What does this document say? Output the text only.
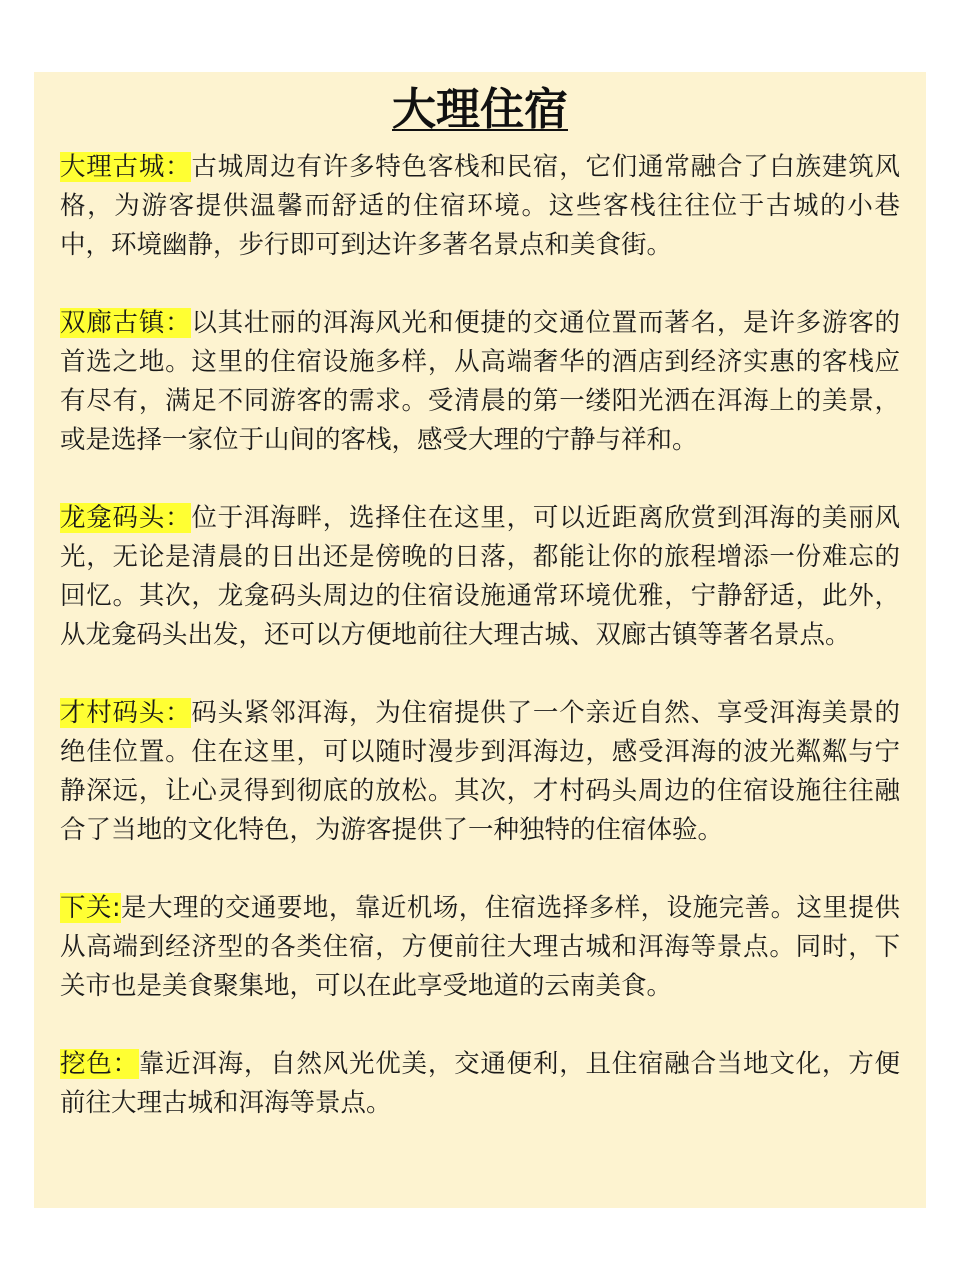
大理住宿

大理古城：古城周边有许多特色客栈和民宿，它们通常融合了白族建筑风格，为游客提供温馨而舒适的住宿环境。这些客栈往往位于古城的小巷中，环境幽静，步行即可到达许多著名景点和美食街。

双廊古镇：以其壮丽的洱海风光和便捷的交通位置而著名，是许多游客的首选之地。这里的住宿设施多样，从高端奢华的酒店到经济实惠的客栈应有尽有，满足不同游客的需求。受清晨的第一缕阳光洒在洱海上的美景，或是选择一家位于山间的客栈，感受大理的宁静与祥和。

龙龛码头：位于洱海畔，选择住在这里，可以近距离欣赏到洱海的美丽风光，无论是清晨的日出还是傍晚的日落，都能让你的旅程增添一份难忘的回忆。其次，龙龛码头周边的住宿设施通常环境优雅，宁静舒适，此外，从龙龛码头出发，还可以方便地前往大理古城、双廊古镇等著名景点。

才村码头：码头紧邻洱海，为住宿提供了一个亲近自然、享受洱海美景的绝佳位置。住在这里，可以随时漫步到洱海边，感受洱海的波光粼粼与宁静深远，让心灵得到彻底的放松。其次，才村码头周边的住宿设施往往融合了当地的文化特色，为游客提供了一种独特的住宿体验。

下关:是大理的交通要地，靠近机场，住宿选择多样，设施完善。这里提供从高端到经济型的各类住宿，方便前往大理古城和洱海等景点。同时，下关市也是美食聚集地，可以在此享受地道的云南美食。

挖色：靠近洱海，自然风光优美，交通便利，且住宿融合当地文化，方便前往大理古城和洱海等景点。
